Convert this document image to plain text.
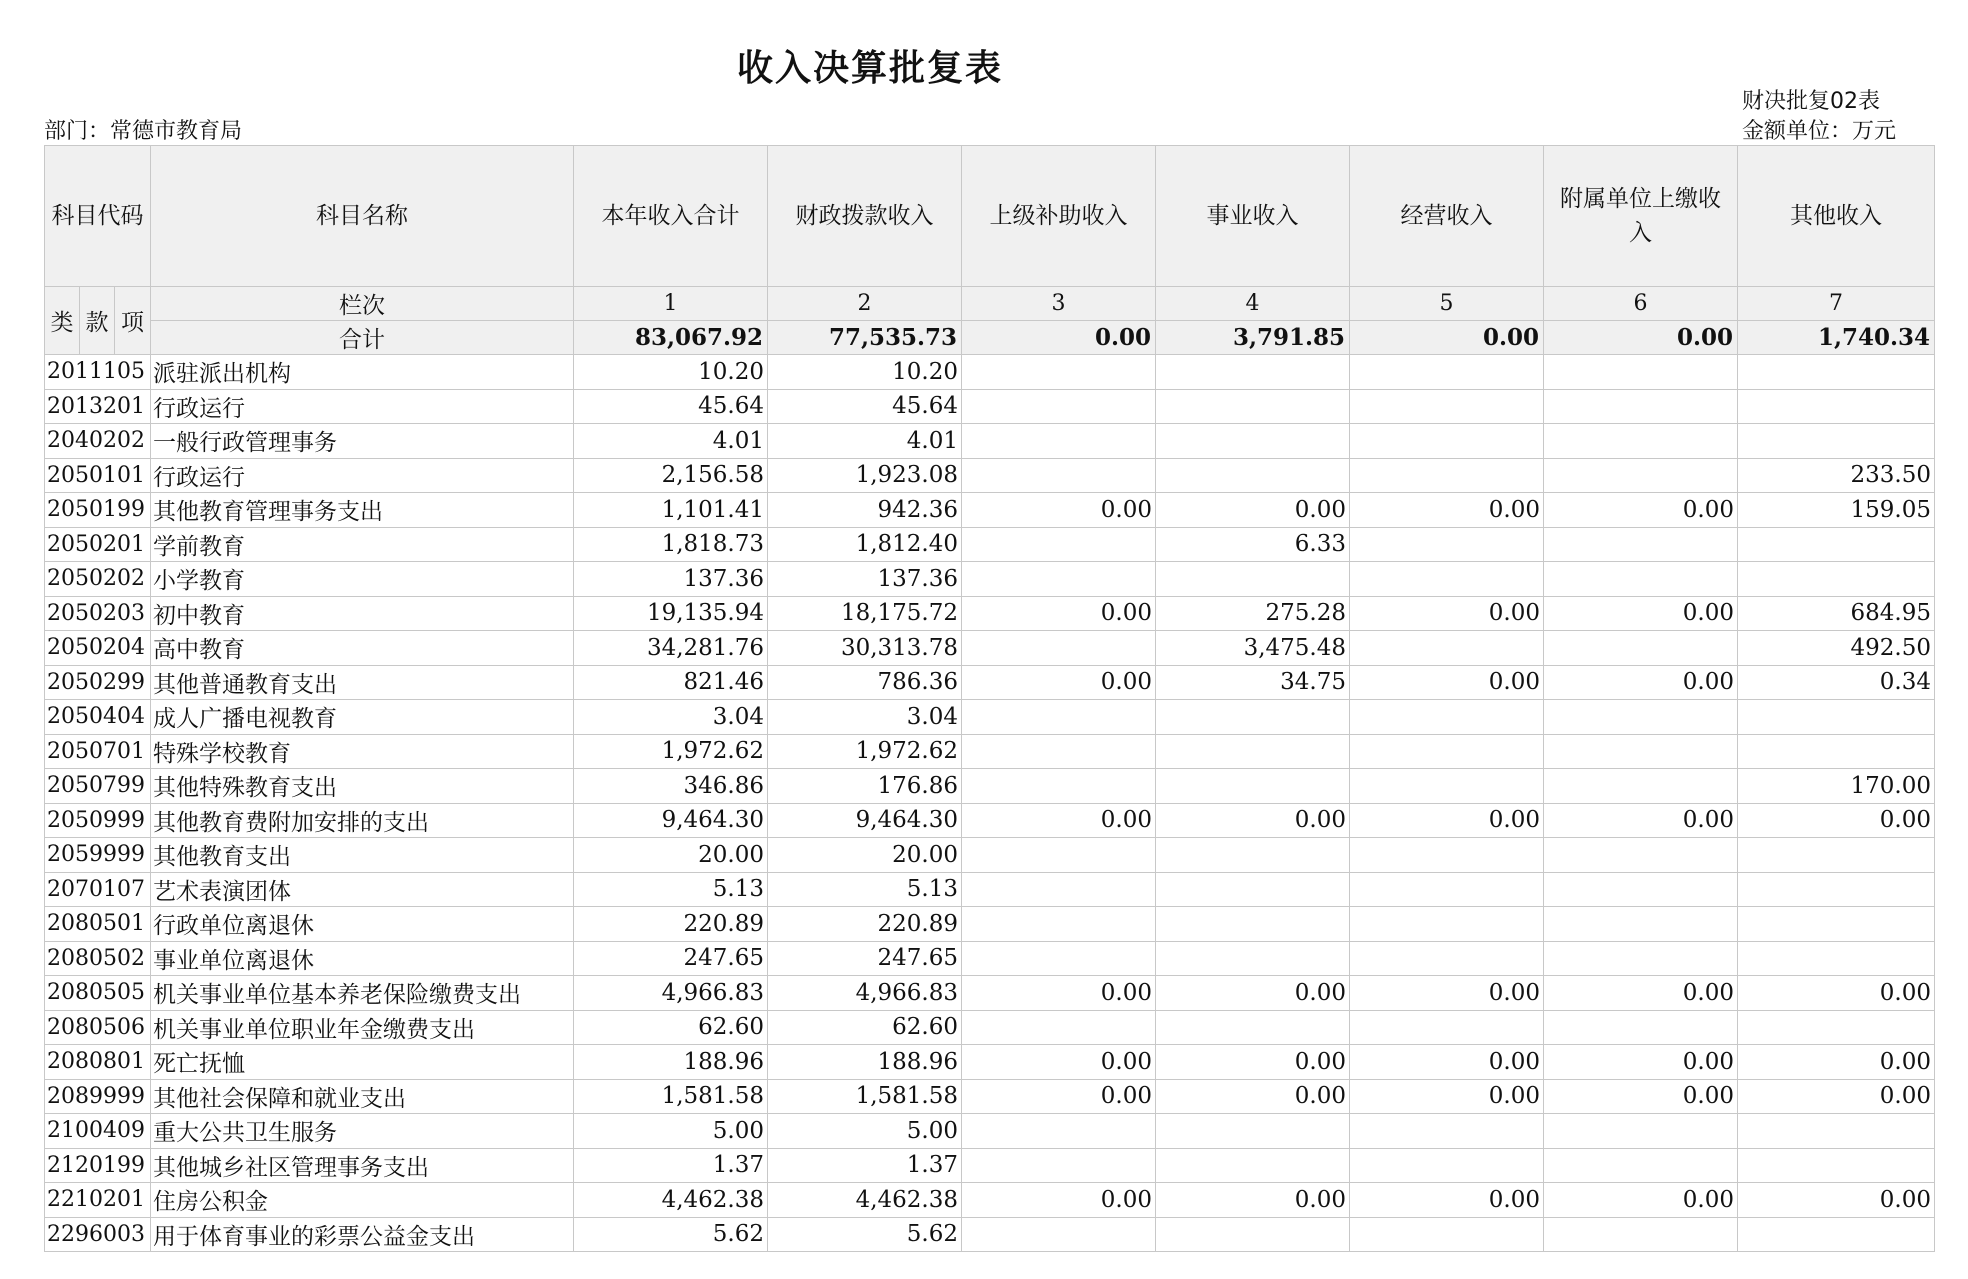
收入决算批复表
部门：常德市教育局
财决批复02表
金额单位：万元
科目代码			科目名称	本年收入合计	财政拨款收入	上级补助收入	事业收入	经营收入	附属单位上缴收入	其他收入
类	款	项	栏次	1	2	3	4	5	6	7
			合计	83,067.92	77,535.73	0.00	3,791.85	0.00	0.00	1,740.34
2011105			派驻派出机构	10.20	10.20					
2013201			行政运行	45.64	45.64					
2040202			一般行政管理事务	4.01	4.01					
2050101			行政运行	2,156.58	1,923.08					233.50
2050199			其他教育管理事务支出	1,101.41	942.36	0.00	0.00	0.00	0.00	159.05
2050201			学前教育	1,818.73	1,812.40		6.33			
2050202			小学教育	137.36	137.36					
2050203			初中教育	19,135.94	18,175.72	0.00	275.28	0.00	0.00	684.95
2050204			高中教育	34,281.76	30,313.78		3,475.48			492.50
2050299			其他普通教育支出	821.46	786.36	0.00	34.75	0.00	0.00	0.34
2050404			成人广播电视教育	3.04	3.04					
2050701			特殊学校教育	1,972.62	1,972.62					
2050799			其他特殊教育支出	346.86	176.86					170.00
2050999			其他教育费附加安排的支出	9,464.30	9,464.30	0.00	0.00	0.00	0.00	0.00
2059999			其他教育支出	20.00	20.00					
2070107			艺术表演团体	5.13	5.13					
2080501			行政单位离退休	220.89	220.89					
2080502			事业单位离退休	247.65	247.65					
2080505			机关事业单位基本养老保险缴费支出	4,966.83	4,966.83	0.00	0.00	0.00	0.00	0.00
2080506			机关事业单位职业年金缴费支出	62.60	62.60					
2080801			死亡抚恤	188.96	188.96	0.00	0.00	0.00	0.00	0.00
2089999			其他社会保障和就业支出	1,581.58	1,581.58	0.00	0.00	0.00	0.00	0.00
2100409			重大公共卫生服务	5.00	5.00					
2120199			其他城乡社区管理事务支出	1.37	1.37					
2210201			住房公积金	4,462.38	4,462.38	0.00	0.00	0.00	0.00	0.00
2296003			用于体育事业的彩票公益金支出	5.62	5.62					
